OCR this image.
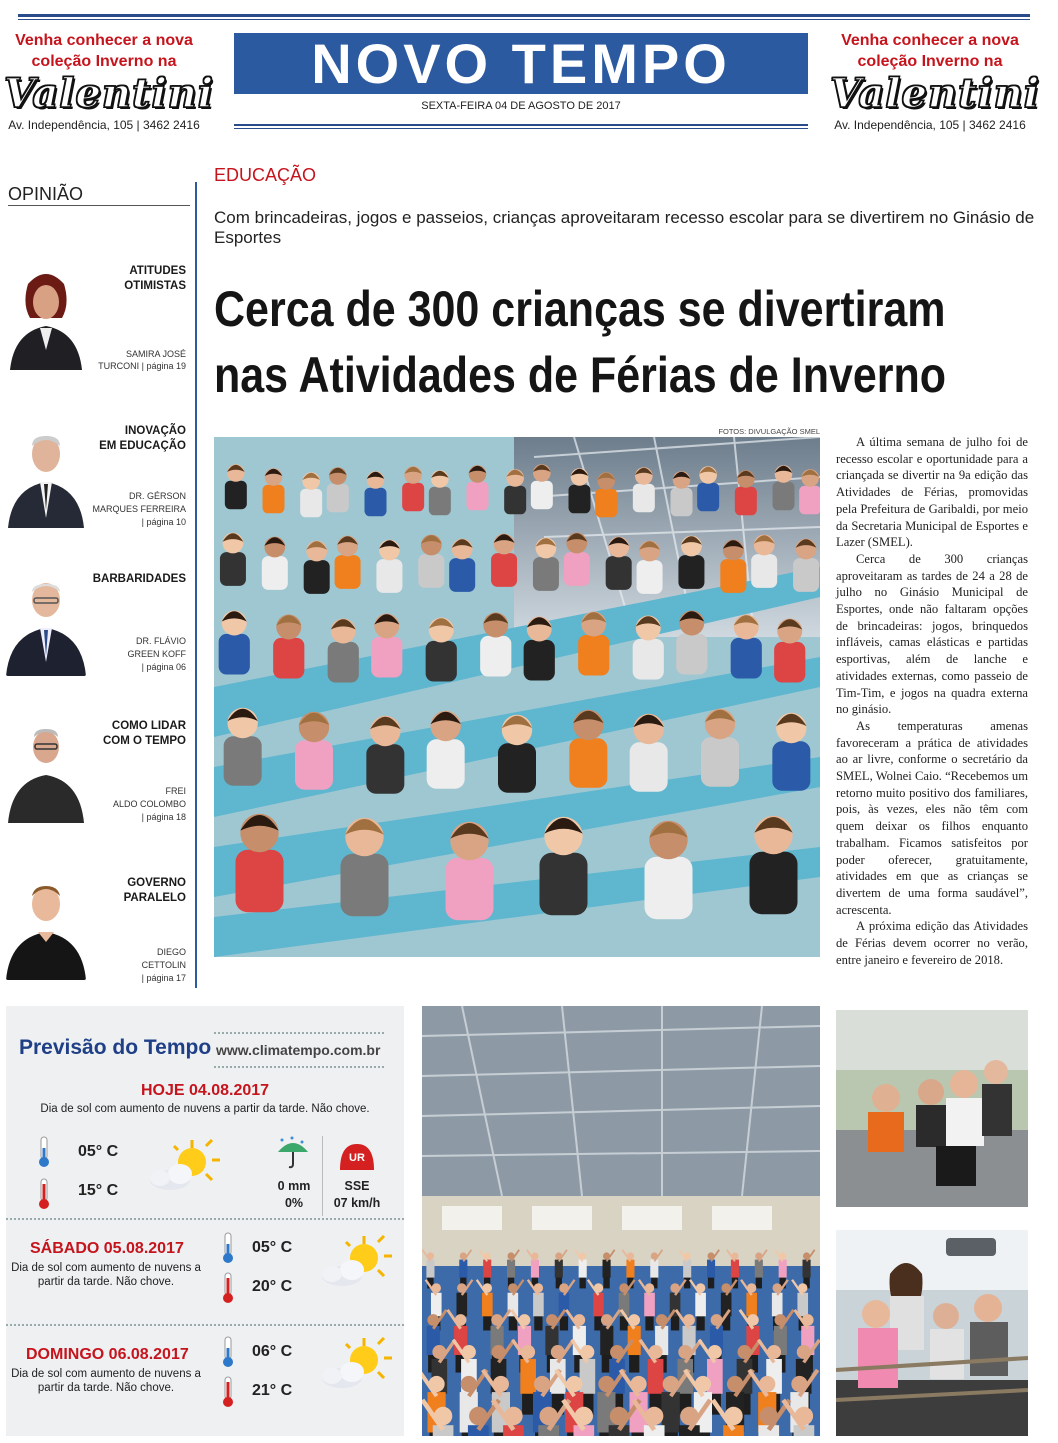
Venha conhecer a nova
coleção Inverno na
Valentini
Av. Independência, 105 | 3462 2416
NOVO TEMPO
SEXTA-FEIRA 04 DE AGOSTO DE 2017
Venha conhecer a nova
coleção Inverno na
Valentini
Av. Independência, 105 | 3462 2416
OPINIÃO
ATITUDES
OTIMISTAS
SAMIRA JOSÉ
TURCONI | página 19
INOVAÇÃO
EM EDUCAÇÃO
DR. GÉRSON
MARQUES FERREIRA
| página 10
BARBARIDADES
DR. FLÁVIO
GREEN KOFF
| página 06
COMO LIDAR
COM O TEMPO
FREI
ALDO COLOMBO
| página 18
GOVERNO
PARALELO
DIEGO
CETTOLIN
| página 17
EDUCAÇÃO
Com brincadeiras, jogos e passeios, crianças aproveitaram recesso escolar para se divertirem no Ginásio de Esportes
Cerca de 300 crianças se divertiram
nas Atividades de Férias de Inverno
FOTOS: DIVULGAÇÃO SMEL

A última semana de julho foi de recesso escolar e oportunidade para a criançada se divertir na 9a edição das Atividades de Férias, promovidas pela Prefeitura de Garibaldi, por meio da Secretaria Municipal de Esportes e Lazer (SMEL).

Cerca de 300 crianças aproveitaram as tardes de 24 a 28 de julho no Ginásio Municipal de Esportes, onde não faltaram opções de brincadeiras: jogos, brinquedos infláveis, camas elásticas e partidas esportivas, além de lanche e atividades externas, como passeio de Tim-Tim, e jogos na quadra externa no ginásio.

As temperaturas amenas favoreceram a prática de atividades ao ar livre, conforme o secretário da SMEL, Wolnei Caio. “Recebemos um retorno muito positivo dos familiares, pois, às vezes, eles não têm com quem deixar os filhos enquanto trabalham. Ficamos satisfeitos por poder oferecer, gratuitamente, atividades em que as crianças se divertem de uma forma saudável”, acrescenta.

A próxima edição das Atividades de Férias devem ocorrer no verão, entre janeiro e fevereiro de 2018.

Previsão do Tempo www.climatempo.com.br
HOJE 04.08.2017
Dia de sol com aumento de nuvens a partir da tarde. Não chove.
05° C
15° C	0 mm
0%
UR
SSE
07 km/h
SÁBADO 05.08.2017
Dia de sol com aumento de nuvens a
partir da tarde. Não chove.
05° C
20° C
DOMINGO 06.08.2017
Dia de sol com aumento de nuvens a
partir da tarde. Não chove.
06° C
21° C
